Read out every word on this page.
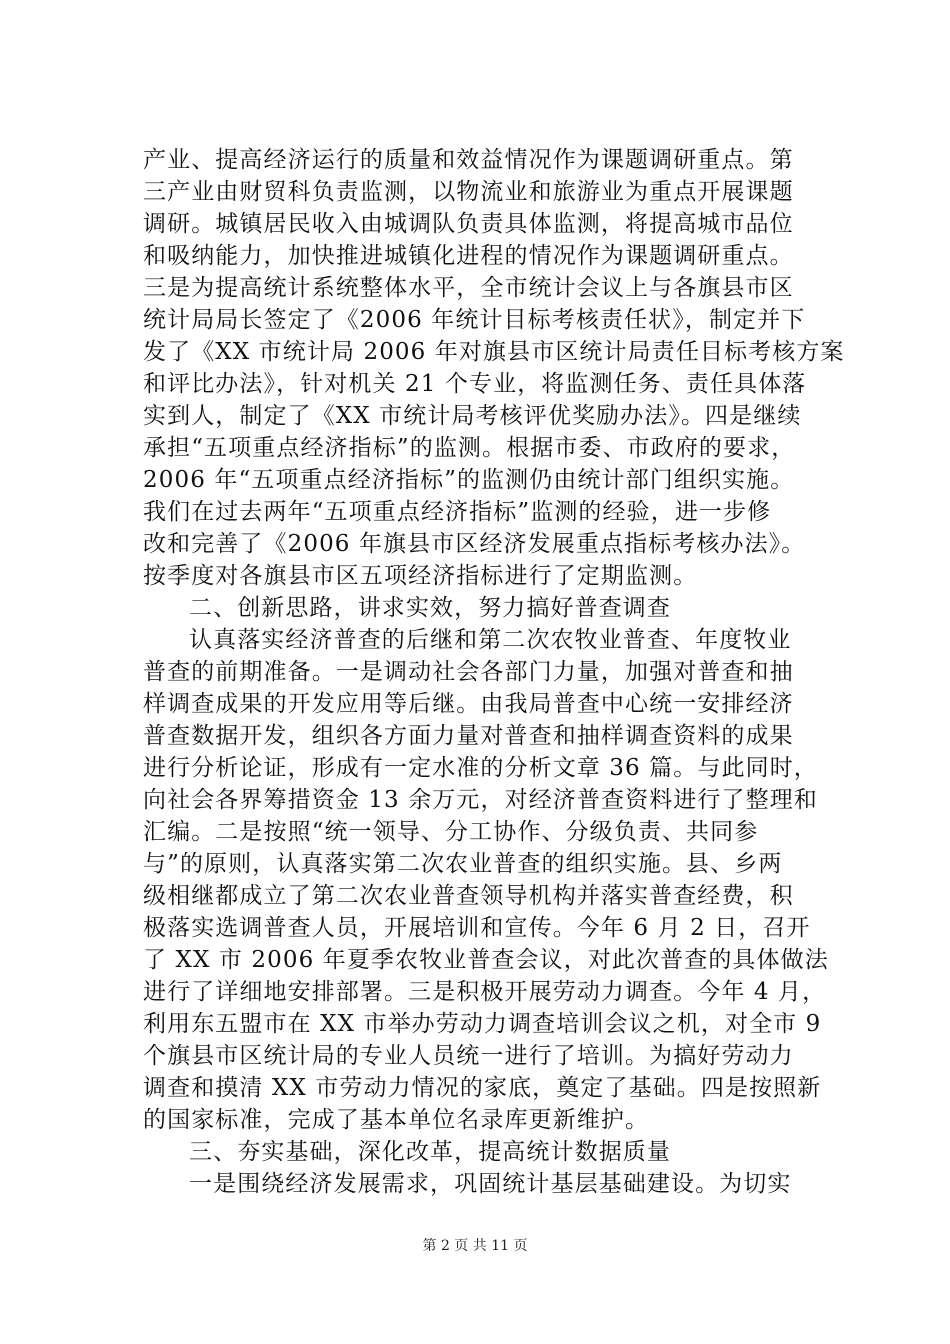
产业、提高经济运行的质量和效益情况作为课题调研重点。第
三产业由财贸科负责监测，以物流业和旅游业为重点开展课题
调研。城镇居民收入由城调队负责具体监测，将提高城市品位
和吸纳能力，加快推进城镇化进程的情况作为课题调研重点。
三是为提高统计系统整体水平，全市统计会议上与各旗县市区
统计局局长签定了《2006 年统计目标考核责任状》，制定并下
发了《XX 市统计局 2006 年对旗县市区统计局责任目标考核方案
和评比办法》，针对机关 21 个专业，将监测任务、责任具体落
实到人，制定了《XX 市统计局考核评优奖励办法》。四是继续
承担“五项重点经济指标”的监测。根据市委、市政府的要求，
2006 年“五项重点经济指标”的监测仍由统计部门组织实施。
我们在过去两年“五项重点经济指标”监测的经验，进一步修
改和完善了《2006 年旗县市区经济发展重点指标考核办法》。
按季度对各旗县市区五项经济指标进行了定期监测。
二、创新思路，讲求实效，努力搞好普查调查
认真落实经济普查的后继和第二次农牧业普查、年度牧业
普查的前期准备。一是调动社会各部门力量，加强对普查和抽
样调查成果的开发应用等后继。由我局普查中心统一安排经济
普查数据开发，组织各方面力量对普查和抽样调查资料的成果
进行分析论证，形成有一定水准的分析文章 36 篇。与此同时，
向社会各界筹措资金 13 余万元，对经济普查资料进行了整理和
汇编。二是按照“统一领导、分工协作、分级负责、共同参
与”的原则，认真落实第二次农业普查的组织实施。县、乡两
级相继都成立了第二次农业普查领导机构并落实普查经费，积
极落实选调普查人员，开展培训和宣传。今年 6 月 2 日，召开
了 XX 市 2006 年夏季农牧业普查会议，对此次普查的具体做法
进行了详细地安排部署。三是积极开展劳动力调查。今年 4 月，
利用东五盟市在 XX 市举办劳动力调查培训会议之机，对全市 9
个旗县市区统计局的专业人员统一进行了培训。为搞好劳动力
调查和摸清 XX 市劳动力情况的家底，奠定了基础。四是按照新
的国家标准，完成了基本单位名录库更新维护。
三、夯实基础，深化改革，提高统计数据质量
一是围绕经济发展需求，巩固统计基层基础建设。为切实
第 2 页 共 11 页
